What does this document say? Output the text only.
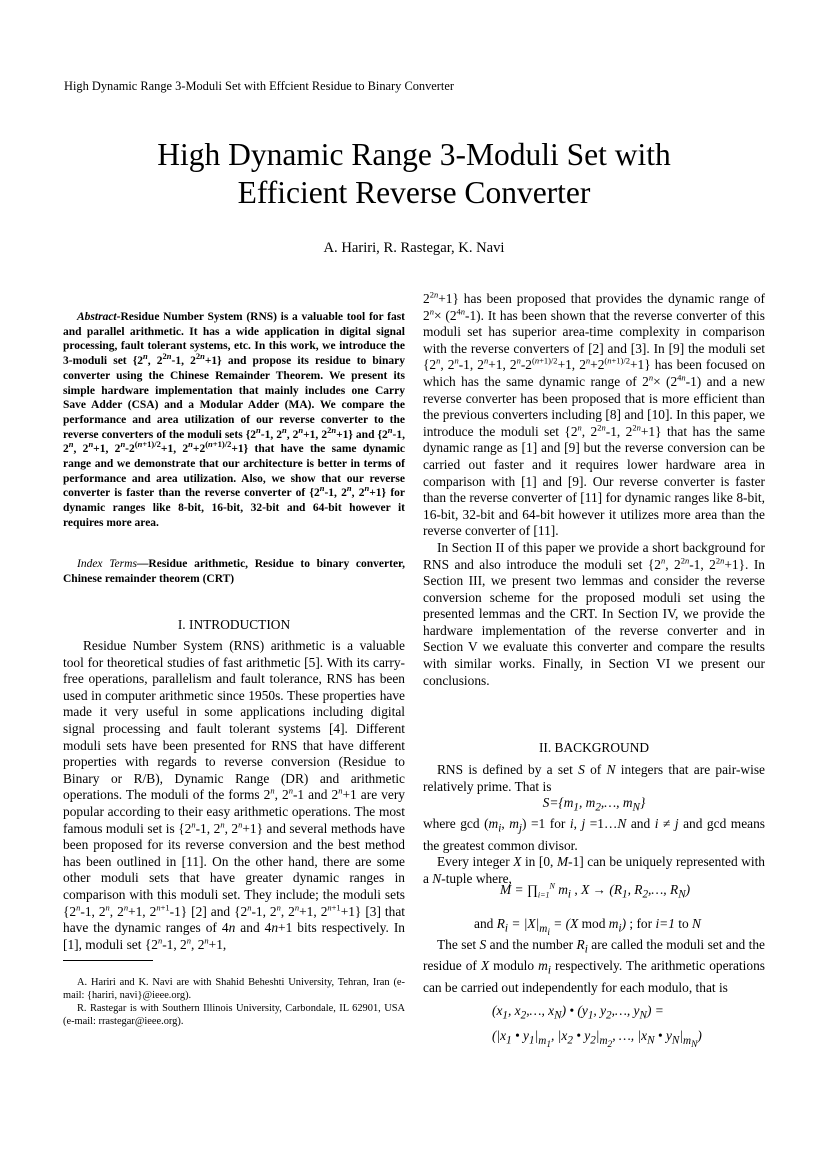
High Dynamic Range 3-Moduli Set with Effcient Residue to Binary Converter
High Dynamic Range 3-Moduli Set with
Efficient Reverse Converter
A. Hariri, R. Rastegar, K. Navi
Abstract-Residue Number System (RNS) is a valuable tool for fast and parallel arithmetic. It has a wide application in digital signal processing, fault tolerant systems, etc. In this work, we introduce the 3-moduli set {2$^n$, $2^{2n}-1$, $2^{2n}+1$} and propose its residue to binary converter using the Chinese Remainder Theorem. We present its simple hardware implementation that mainly includes one Carry Save Adder (CSA) and a Modular Adder (MA). We compare the performance and area utilization of our reverse converter to the reverse converters of the moduli sets {2$^n$-1, 2$^n$, $2^n+1$, $2^{2n}+1$} and {2$^n$-1, 2$^n$, $2^n+1$, $2^n-2^{(n+1)/2}+1$, $2^n+2^{(n+1)/2}+1$} that have the same dynamic range and we demonstrate that our architecture is better in terms of performance and area utilization. Also, we show that our reverse converter is faster than the reverse converter of {2$^n$-1, 2$^n$, $2^n+1$} for dynamic ranges like 8-bit, 16-bit, 32-bit and 64-bit however it requires more area.
Index Terms—Residue arithmetic, Residue to binary converter, Chinese remainder theorem (CRT)
I. INTRODUCTION

Residue Number System (RNS) arithmetic is a valuable tool for theoretical studies of fast arithmetic [5]. With its carry-free operations, parallelism and fault tolerance, RNS has been used in computer arithmetic since 1950s. These properties have made it very useful in some applications including digital signal processing and fault tolerant systems [4]. Different moduli sets have been presented for RNS that have different properties with regards to reverse conversion (Residue to Binary or R/B), Dynamic Range (DR) and arithmetic operations. The moduli of the forms 2$^n$, 2$^n$-1 and $2^n+1$ are very popular according to their easy arithmetic operations. The most famous moduli set is {2$^n$-1, 2$^n$, $2^n+1$} and several methods have been proposed for its reverse conversion and the best method has been outlined in [11]. On the other hand, there are some other moduli sets that have greater dynamic ranges in comparison with this moduli set. They include; the moduli sets {2$^n$-1, 2$^n$, $2^n+1$, $2^{n+1}-1$} [2] and {2$^n$-1, 2$^n$, $2^n+1$, $2^{n+1}+1$} [3] that have the dynamic ranges of 4n and 4n+1 bits respectively. In [1], moduli set {2$^n$-1, 2$^n$, $2^n+1$,

A. Hariri and K. Navi are with Shahid Beheshti University, Tehran, Iran (e-mail: {hariri, navi}@ieee.org).

R. Rastegar is with Southern Illinois University, Carbondale, IL 62901, USA (e-mail: rrastegar@ieee.org).

$2^{2n}+1$} has been proposed that provides the dynamic range of $2^n\times (2^{4n}-1)$. It has been shown that the reverse converter of this moduli set has superior area-time complexity in comparison with the reverse converters of [2] and [3]. In [9] the moduli set {2$^n$, 2$^n$-1, $2^n+1$, $2^n-2^{(n+1)/2}+1$, $2^n+2^{(n+1)/2}+1$} has been focused on which has the same dynamic range of $2^n\times (2^{4n}-1)$ and a new reverse converter has been proposed that is more efficient than the previous converters including [8] and [10]. In this paper, we introduce the moduli set {2$^n$, $2^{2n}-1$, $2^{2n}+1$} that has the same dynamic range as [1] and [9] but the reverse conversion can be carried out faster and it requires lower hardware area in comparison with [1] and [9]. Our reverse converter is faster than the reverse converter of [11] for dynamic ranges like 8-bit, 16-bit, 32-bit and 64-bit however it utilizes more area than the reverse converter of [11].

In Section II of this paper we provide a short background for RNS and also introduce the moduli set {2$^n$, $2^{2n}-1$, $2^{2n}+1$}. In Section III, we present two lemmas and consider the reverse conversion scheme for the proposed moduli set using the presented lemmas and the CRT. In Section IV, we provide the hardware implementation of the reverse converter and in Section V we evaluate this converter and compare the results with similar works. Finally, in Section VI we present our conclusions.

II. BACKGROUND

RNS is defined by a set S of N integers that are pair-wise relatively prime. That is

$S=\{m_1$, $m_2,\dots$, $m_N$}

where $\gcd (m_i$, $m_j) =1$ for i, j =1…N and i ≠ j and gcd means the greatest common divisor.

Every integer X in [0, M-1] can be uniquely represented with a N-tuple where,

$M = \prod_{i=1}^N$ $m_i$ , $X \to (R_1$, $R_2,\dots$, $R_N$)
and $R_i = |X|_{m_i} = (X$ mod $m_i$) ; for i=1 to N

The set S and the number $R_i$ are called the moduli set and the residue of X modulo $m_i$ respectively. The arithmetic operations can be carried out independently for each modulo, that is

($x_1$, $x_2,\dots$, $x_N$) • ($y_1$, $y_2,\dots$, $y_N$) =
($|x_1$ • $y_1|_{m_1}$, $|x_2$ • $y_2|_{m_2}$, …, $|x_N$ • $y_N|_{m_N}$)
